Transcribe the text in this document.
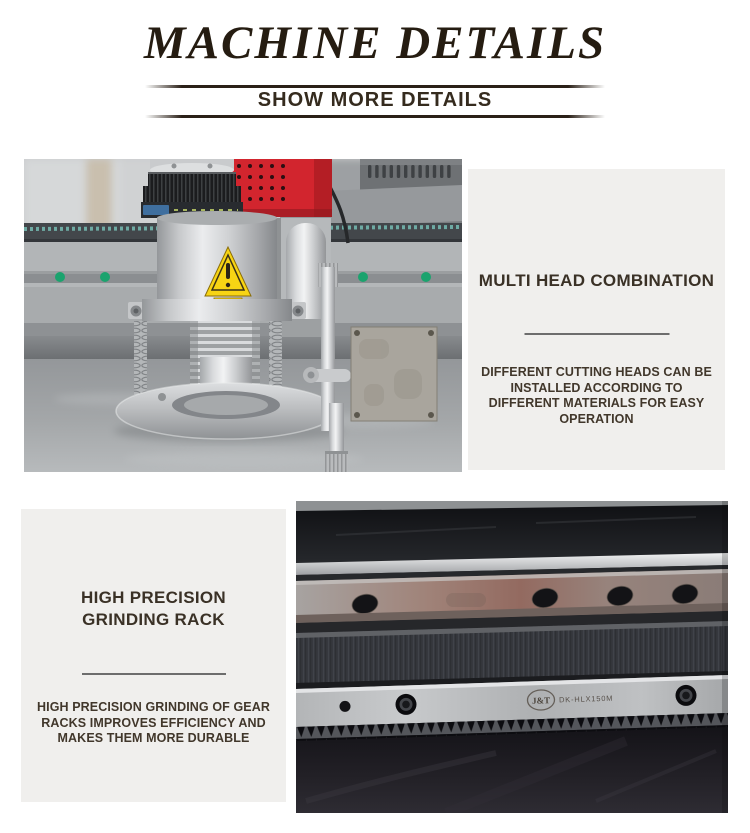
MACHINE DETAILS
SHOW MORE DETAILS
MULTI HEAD COMBINATION

DIFFERENT CUTTING HEADS CAN BE INSTALLED ACCORDING TO DIFFERENT MATERIALS FOR EASY OPERATION

HIGH PRECISION GRINDING RACK

HIGH PRECISION GRINDING OF GEAR RACKS IMPROVES EFFICIENCY AND MAKES THEM MORE DURABLE

J&T DK-HLX150M
